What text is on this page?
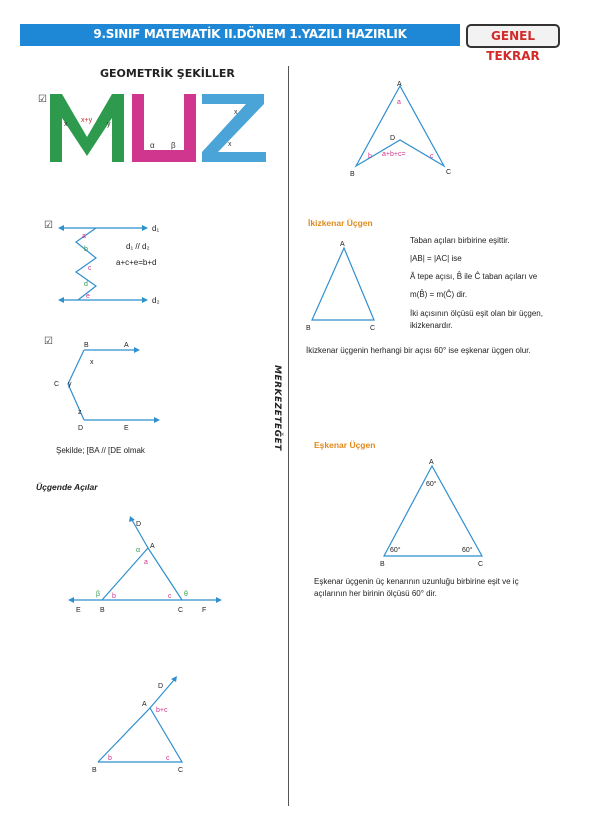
9.SINIF MATEMATİK II.DÖNEM 1.YAZILI HAZIRLIK	GENEL TEKRAR
MERKEZETEĞET
GEOMETRİK ŞEKİLLER
☑
x
x+y
y
α β
x
x
☑
a
b
c
d
e
d₁
d₂
d₁ // d₂
a+c+e=b+d
☑	B	A
C
D	E
x
y
z
Şekilde; [BA // [DE olmak
Üçgende Açılar
D
A
E	B	C	F
α
a
β b	c θ
D
A
B	C
b+c
b	c
A
D
B	C
a
b	c
a+b+c=
İkizkenar Üçgen
A
B	C
Taban açıları birbirine eşittir.
|AB| = |AC| ise
Â tepe açısı, B̂ ile Ĉ taban açıları ve
m(B̂) = m(Ĉ) dir.
İki açısının ölçüsü eşit olan bir üçgen,
ikizkenardır.
İkizkenar üçgenin herhangi bir açısı 60° ise eşkenar üçgen olur.
Eşkenar Üçgen
A
B	C
60°
60°	60°
Eşkenar üçgenin üç kenarının uzunluğu birbirine eşit ve iç
açılarının her birinin ölçüsü 60° dir.
